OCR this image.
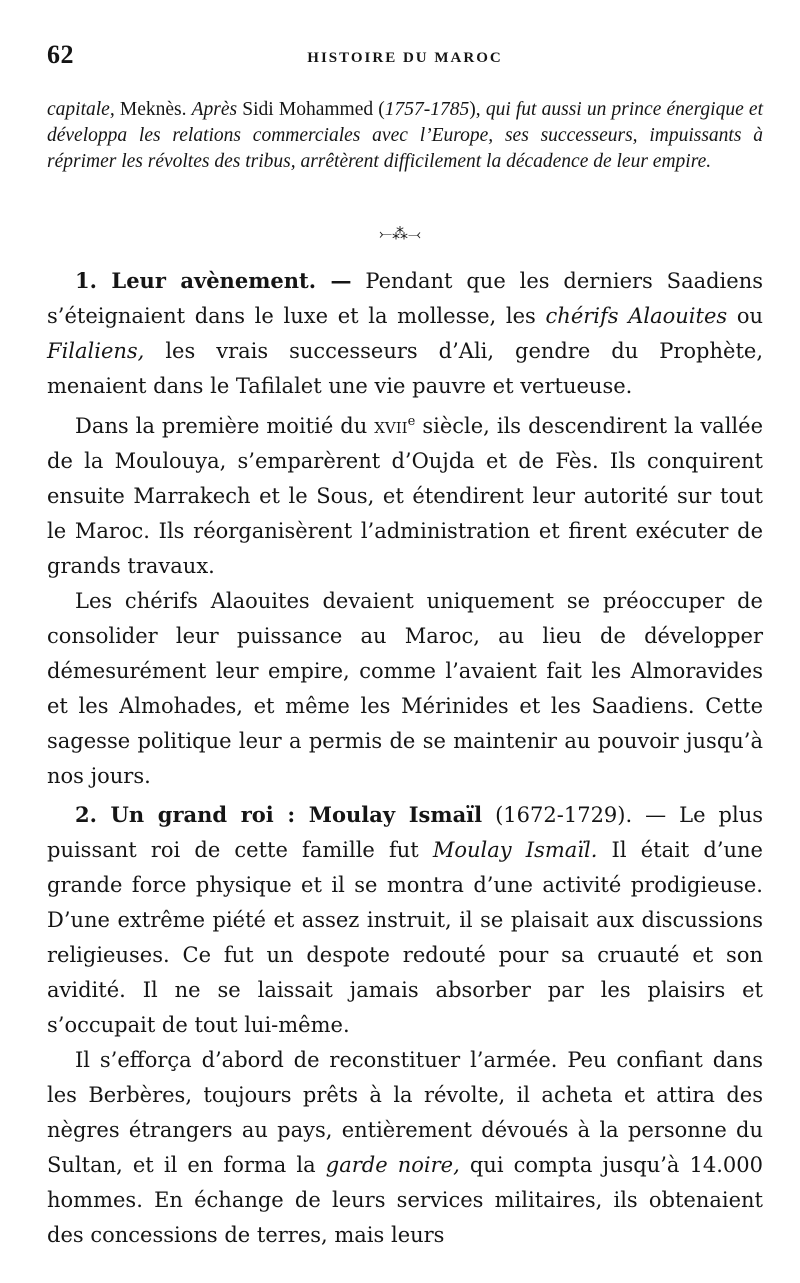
62	HISTOIRE DU MAROC
capitale, Meknès. Après Sidi Mohammed (1757-1785), qui fut aussi un prince énergique et développa les relations commerciales avec l’Europe, ses successeurs, impuissants à réprimer les révoltes des tribus, arrêtèrent difficilement la décadence de leur empire.
⤚⁂⤙

1. Leur avènement. — Pendant que les derniers Saadiens s’éteignaient dans le luxe et la mollesse, les chérifs Alaouites ou Filaliens, les vrais successeurs d’Ali, gendre du Prophète, menaient dans le Tafilalet une vie pauvre et vertueuse.

Dans la première moitié du xvii$^e$ siècle, ils descendirent la vallée de la Moulouya, s’emparèrent d’Oujda et de Fès. Ils conquirent ensuite Marrakech et le Sous, et étendirent leur autorité sur tout le Maroc. Ils réorganisèrent l’administration et firent exécuter de grands travaux.

Les chérifs Alaouites devaient uniquement se préoccuper de consolider leur puissance au Maroc, au lieu de développer démesurément leur empire, comme l’avaient fait les Almoravides et les Almohades, et même les Mérinides et les Saadiens. Cette sagesse politique leur a permis de se maintenir au pouvoir jusqu’à nos jours.

2. Un grand roi : Moulay Ismaïl (1672-1729). — Le plus puissant roi de cette famille fut Moulay Ismaïl. Il était d’une grande force physique et il se montra d’une activité prodigieuse. D’une extrême piété et assez instruit, il se plaisait aux discussions religieuses. Ce fut un despote redouté pour sa cruauté et son avidité. Il ne se laissait jamais absorber par les plaisirs et s’occupait de tout lui-même.

Il s’efforça d’abord de reconstituer l’armée. Peu confiant dans les Berbères, toujours prêts à la révolte, il acheta et attira des nègres étrangers au pays, entièrement dévoués à la personne du Sultan, et il en forma la garde noire, qui compta jusqu’à 14.000 hommes. En échange de leurs services militaires, ils obtenaient des concessions de terres, mais leurs
